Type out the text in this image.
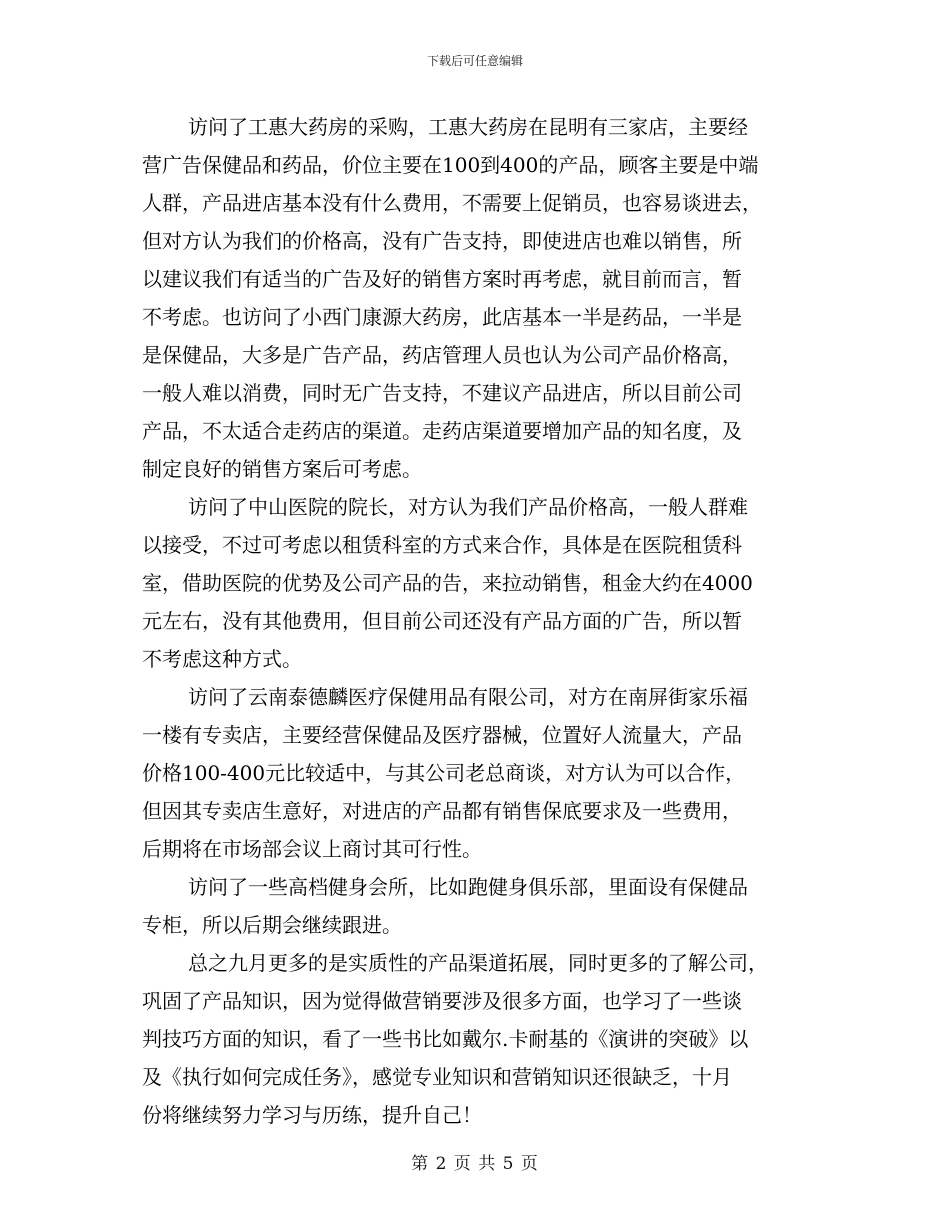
下载后可任意编辑
访问了工惠大药房的采购，工惠大药房在昆明有三家店，主要经
营广告保健品和药品，价位主要在100到400的产品，顾客主要是中端
人群，产品进店基本没有什么费用，不需要上促销员，也容易谈进去，
但对方认为我们的价格高，没有广告支持，即使进店也难以销售，所
以建议我们有适当的广告及好的销售方案时再考虑，就目前而言，暂
不考虑。也访问了小西门康源大药房，此店基本一半是药品，一半是
是保健品，大多是广告产品，药店管理人员也认为公司产品价格高，
一般人难以消费，同时无广告支持，不建议产品进店，所以目前公司
产品，不太适合走药店的渠道。走药店渠道要增加产品的知名度，及
制定良好的销售方案后可考虑。
访问了中山医院的院长，对方认为我们产品价格高，一般人群难
以接受，不过可考虑以租赁科室的方式来合作，具体是在医院租赁科
室，借助医院的优势及公司产品的告，来拉动销售，租金大约在4000
元左右，没有其他费用，但目前公司还没有产品方面的广告，所以暂
不考虑这种方式。
访问了云南泰德麟医疗保健用品有限公司，对方在南屏街家乐福
一楼有专卖店，主要经营保健品及医疗器械，位置好人流量大，产品
价格100-400元比较适中，与其公司老总商谈，对方认为可以合作，
但因其专卖店生意好，对进店的产品都有销售保底要求及一些费用，
后期将在市场部会议上商讨其可行性。
访问了一些高档健身会所，比如跑健身俱乐部，里面设有保健品
专柜，所以后期会继续跟进。
总之九月更多的是实质性的产品渠道拓展，同时更多的了解公司，
巩固了产品知识，因为觉得做营销要涉及很多方面，也学习了一些谈
判技巧方面的知识，看了一些书比如戴尔.卡耐基的《演讲的突破》以
及《执行如何完成任务》，感觉专业知识和营销知识还很缺乏，十月
份将继续努力学习与历练，提升自己！
第 2 页 共 5 页
